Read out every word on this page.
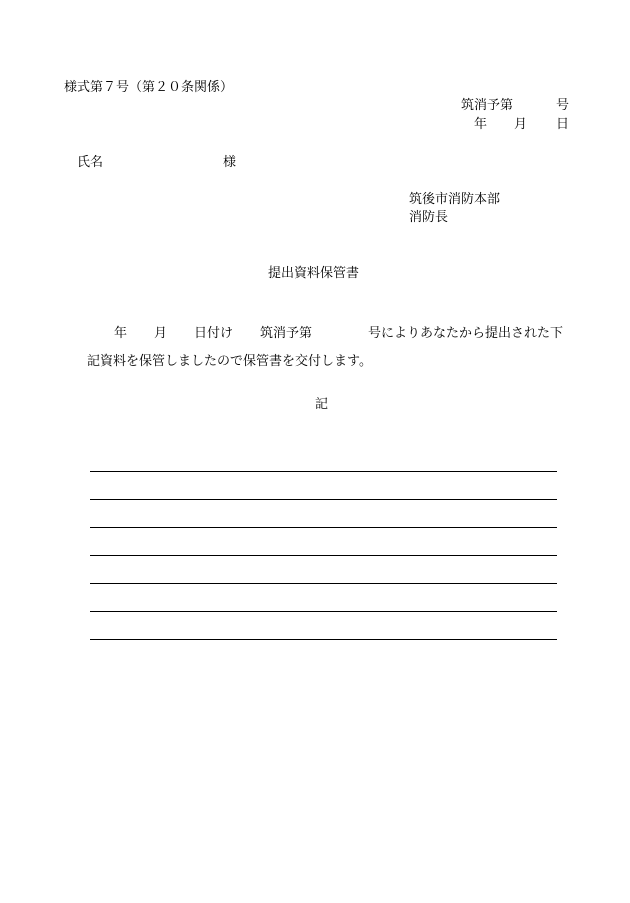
様式第７号（第２０条関係）
筑消予第	号
年 月 日
氏名	様
筑後市消防本部
消防長
提出資料保管書
年 月 日付け 筑消予第	号によりあなたから提出された下
記資料を保管しましたので保管書を交付します。
記
